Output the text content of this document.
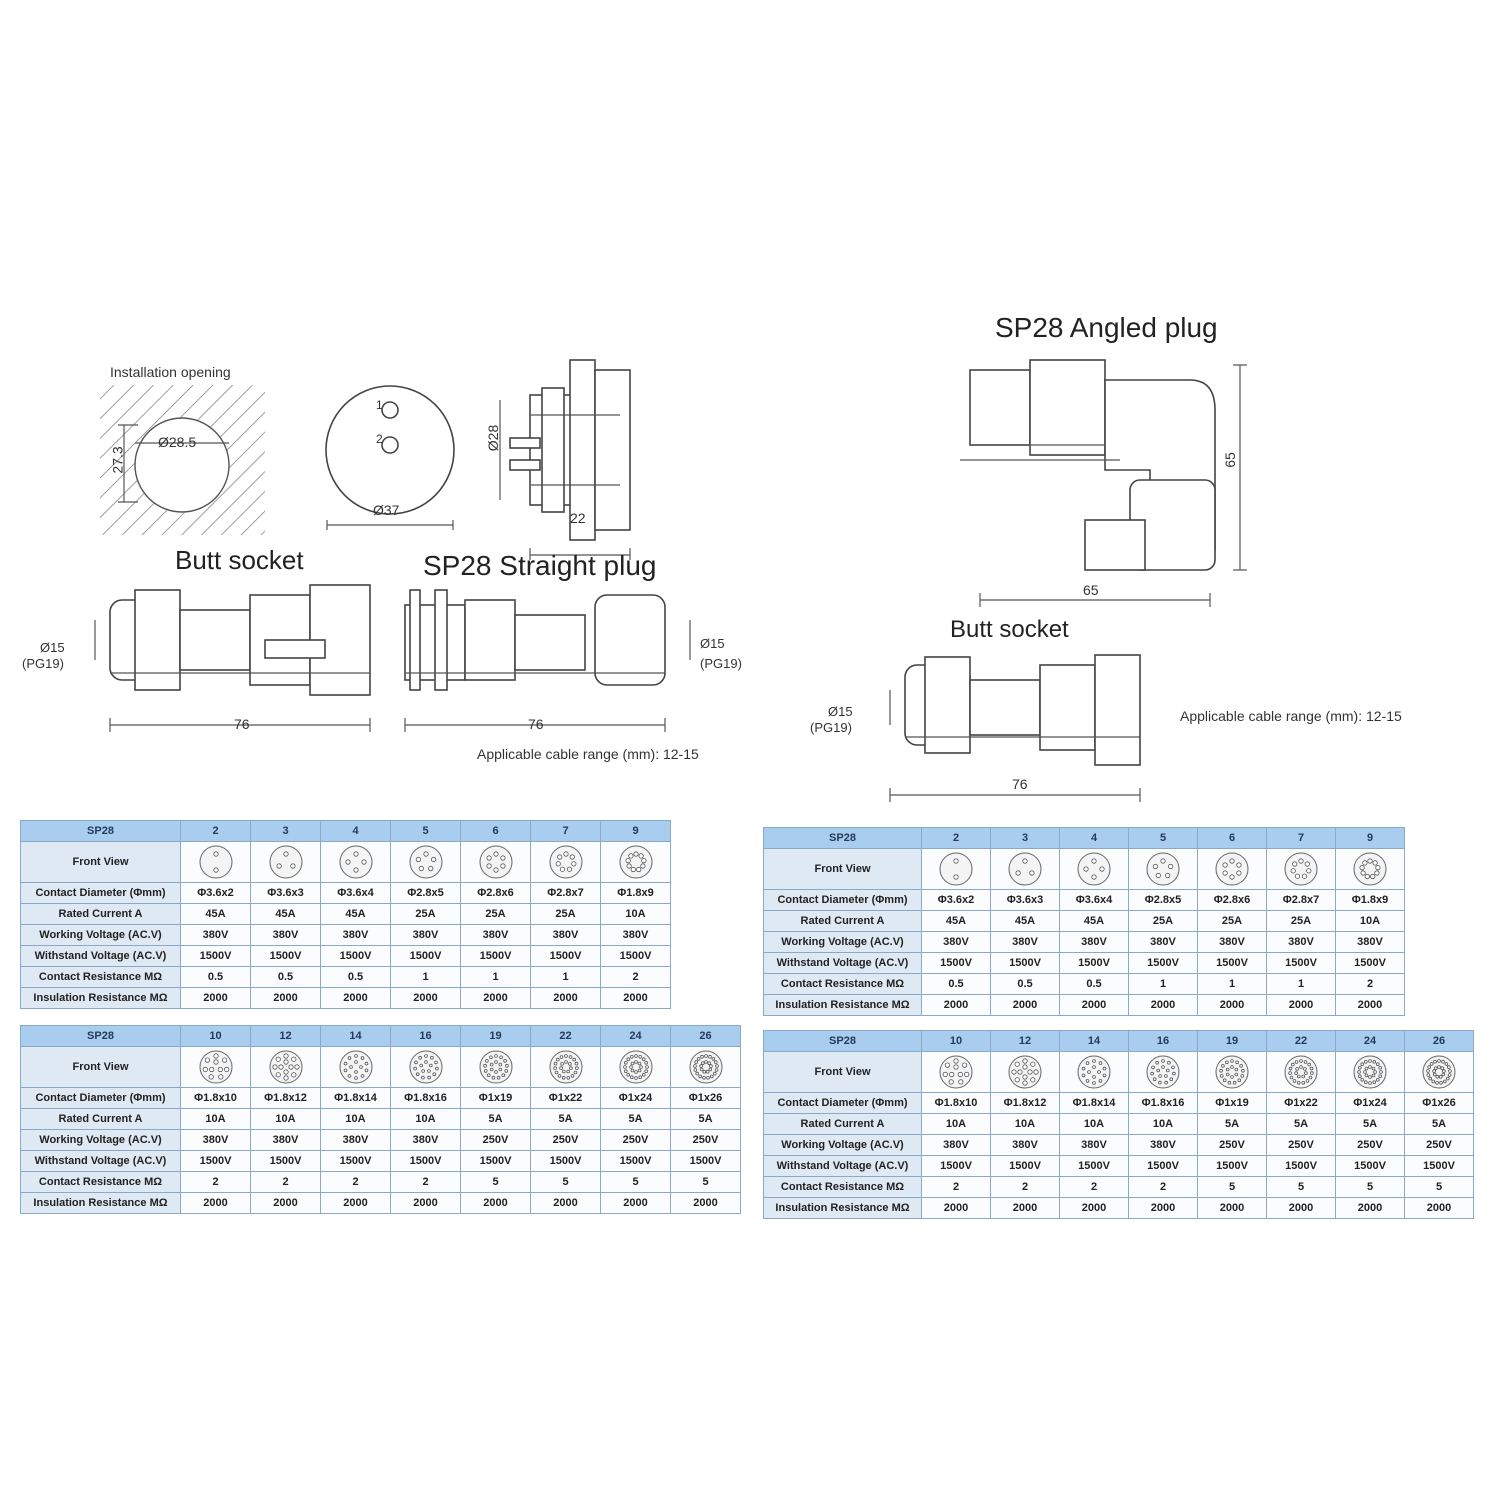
Installation opening
Ø28.5
27.3
1
2
Ø37
Ø28
22
Butt socket	SP28 Straight plug
Ø15
(PG19)
Ø15
(PG19)
76	76
Applicable cable range (mm): 12-15
SP28 Angled plug
65
65
Butt socket
Ø15
(PG19)
76
Applicable cable range (mm): 12-15
SP28	2	3	4	5	6	7	9
Front View	

Contact Diameter (Φmm)	Φ3.6x2	Φ3.6x3	Φ3.6x4	Φ2.8x5	Φ2.8x6	Φ2.8x7	Φ1.8x9
Rated Current A	45A	45A	45A	25A	25A	25A	10A
Working Voltage (AC.V)	380V	380V	380V	380V	380V	380V	380V
Withstand Voltage (AC.V)	1500V	1500V	1500V	1500V	1500V	1500V	1500V
Contact Resistance MΩ	0.5	0.5	0.5	1	1	1	2
Insulation Resistance MΩ	2000	2000	2000	2000	2000	2000	2000
SP28	10	12	14	16	19	22	24	26
Front View	

Contact Diameter (Φmm)	Φ1.8x10	Φ1.8x12	Φ1.8x14	Φ1.8x16	Φ1x19	Φ1x22	Φ1x24	Φ1x26
Rated Current A	10A	10A	10A	10A	5A	5A	5A	5A
Working Voltage (AC.V)	380V	380V	380V	380V	250V	250V	250V	250V
Withstand Voltage (AC.V)	1500V	1500V	1500V	1500V	1500V	1500V	1500V	1500V
Contact Resistance MΩ	2	2	2	2	5	5	5	5
Insulation Resistance MΩ	2000	2000	2000	2000	2000	2000	2000	2000
SP28	2	3	4	5	6	7	9
Front View	

Contact Diameter (Φmm)	Φ3.6x2	Φ3.6x3	Φ3.6x4	Φ2.8x5	Φ2.8x6	Φ2.8x7	Φ1.8x9
Rated Current A	45A	45A	45A	25A	25A	25A	10A
Working Voltage (AC.V)	380V	380V	380V	380V	380V	380V	380V
Withstand Voltage (AC.V)	1500V	1500V	1500V	1500V	1500V	1500V	1500V
Contact Resistance MΩ	0.5	0.5	0.5	1	1	1	2
Insulation Resistance MΩ	2000	2000	2000	2000	2000	2000	2000
SP28	10	12	14	16	19	22	24	26
Front View	

Contact Diameter (Φmm)	Φ1.8x10	Φ1.8x12	Φ1.8x14	Φ1.8x16	Φ1x19	Φ1x22	Φ1x24	Φ1x26
Rated Current A	10A	10A	10A	10A	5A	5A	5A	5A
Working Voltage (AC.V)	380V	380V	380V	380V	250V	250V	250V	250V
Withstand Voltage (AC.V)	1500V	1500V	1500V	1500V	1500V	1500V	1500V	1500V
Contact Resistance MΩ	2	2	2	2	5	5	5	5
Insulation Resistance MΩ	2000	2000	2000	2000	2000	2000	2000	2000
